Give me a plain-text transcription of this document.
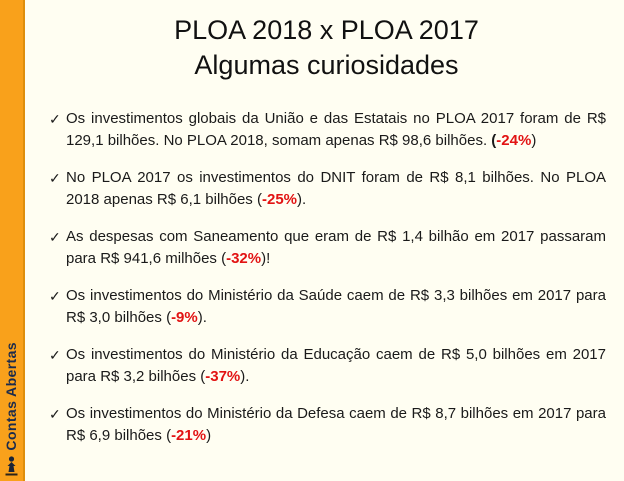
Contas Abertas
PLOA 2018 x PLOA 2017
Algumas curiosidades
✓ Os investimentos globais da União e das Estatais no PLOA 2017 foram de R$ 129,1 bilhões. No PLOA 2018, somam apenas R$ 98,6 bilhões. (-24%)
✓ No PLOA 2017 os investimentos do DNIT foram de R$ 8,1 bilhões. No PLOA 2018 apenas R$ 6,1 bilhões (-25%).
✓ As despesas com Saneamento que eram de R$ 1,4 bilhão em 2017 passaram para R$ 941,6 milhões (-32%)!
✓ Os investimentos do Ministério da Saúde caem de R$ 3,3 bilhões em 2017 para R$ 3,0 bilhões (-9%).
✓ Os investimentos do Ministério da Educação caem de R$ 5,0 bilhões em 2017 para R$ 3,2 bilhões (-37%).
✓ Os investimentos do Ministério da Defesa caem de R$ 8,7 bilhões em 2017 para R$ 6,9 bilhões (-21%)
